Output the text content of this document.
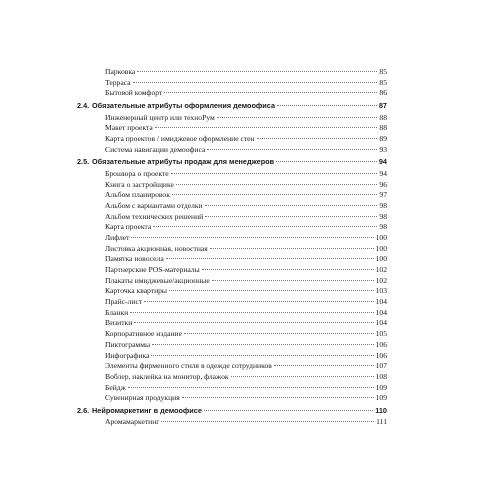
Парковка	85
Терраса	85
Бытовой комфорт	86
2.4. Обязательные атрибуты оформления демоофиса	87
Инженерный центр или техноРум	88
Макет проекта	88
Карта проектов / имиджевое оформление стен	89
Система навигации демоофиса	93
2.5. Обязательные атрибуты продаж для менеджеров	94
Брошюра о проекте	94
Книга о застройщике	96
Альбом планировок	97
Альбом с вариантами отделки	98
Альбом технических решений	98
Карта проекта	98
Лифлет	100
Листовка акционная, новостная	100
Памятка новосела	100
Партнерские POS-материалы	102
Плакаты имиджевые/акционные	102
Карточка квартиры	103
Прайс-лист	104
Бланки	104
Визитки	104
Корпоративное издание	105
Пиктограммы	106
Инфографика	106
Элементы фирменного стиля в одежде сотрудников	107
Воблер, наклейка на монитор, флажок	108
Бейдж	109
Сувенирная продукция	109
2.6. Нейромаркетинг в демоофисе	110
Аромамаркетинг	111
